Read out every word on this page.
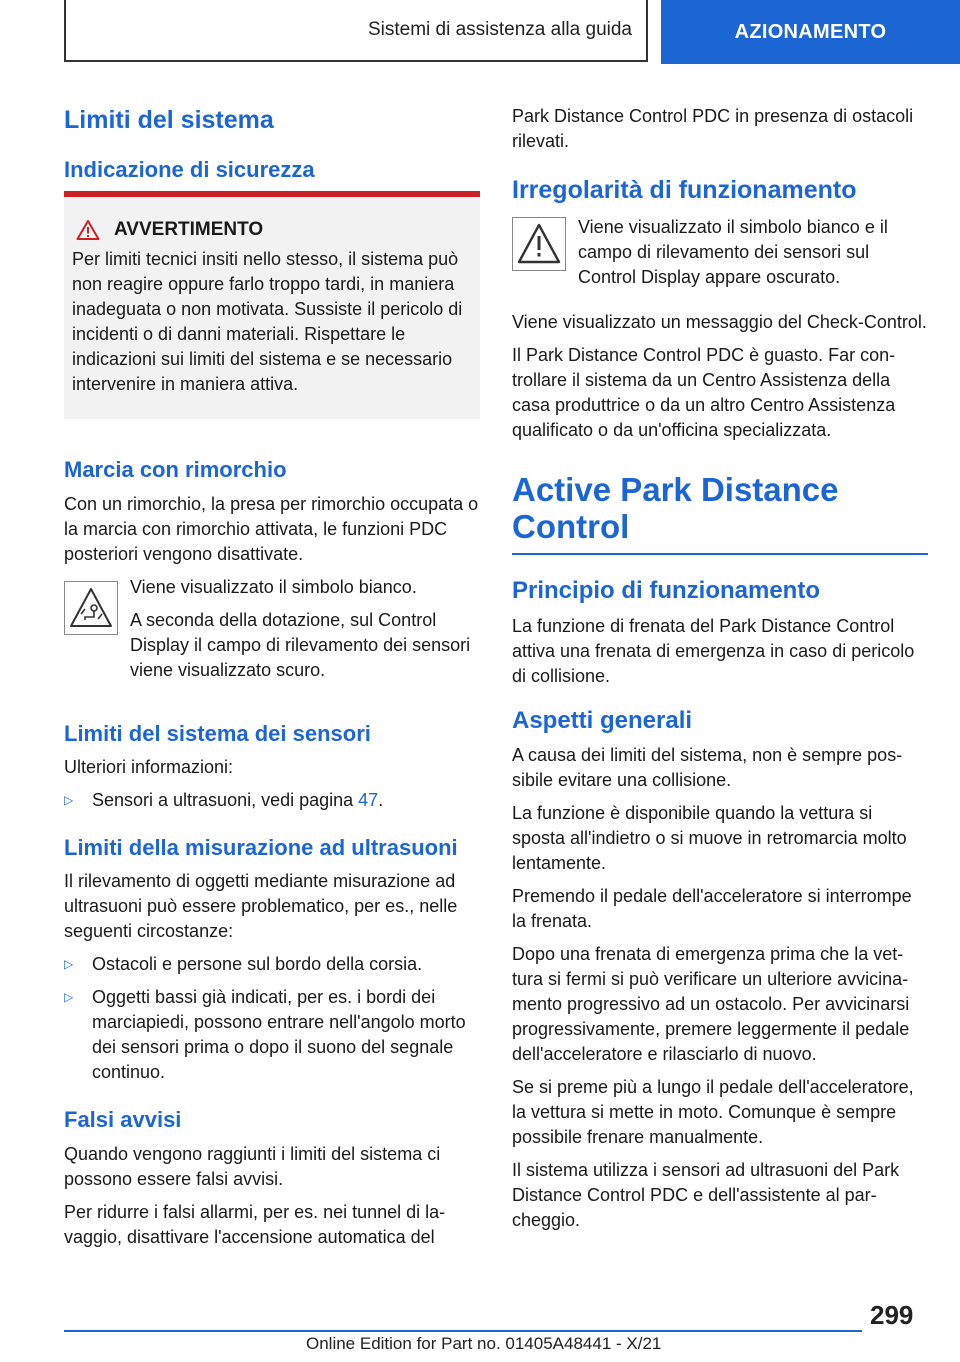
Sistemi di assistenza alla guida	AZIONAMENTO
Limiti del sistema
Indicazione di sicurezza
AVVERTIMENTO
Per limiti tecnici insiti nello stesso, il sistema può non reagire oppure farlo troppo tardi, in maniera inadeguata o non motivata. Sussiste il pericolo di incidenti o di danni materiali. Rispettare le indicazioni sui limiti del sistema e se necessario intervenire in maniera attiva.
Marcia con rimorchio
Con un rimorchio, la presa per rimorchio occupata o la marcia con rimorchio attivata, le funzioni PDC posteriori vengono disattivate.
Viene visualizzato il simbolo bianco.
A seconda della dotazione, sul Control Display il campo di rilevamento dei sensori viene visualizzato scuro.
Limiti del sistema dei sensori
Ulteriori informazioni:
▷	Sensori a ultrasuoni, vedi pagina 47.
Limiti della misurazione ad ultrasuoni
Il rilevamento di oggetti mediante misurazione ad ultrasuoni può essere problematico, per es., nelle seguenti circostanze:
▷	Ostacoli e persone sul bordo della corsia.
▷	Oggetti bassi già indicati, per es. i bordi dei marciapiedi, possono entrare nell'angolo morto dei sensori prima o dopo il suono del segnale continuo.
Falsi avvisi
Quando vengono raggiunti i limiti del sistema ci possono essere falsi avvisi.
Per ridurre i falsi allarmi, per es. nei tunnel di lavaggio, disattivare l'accensione automatica del
Park Distance Control PDC in presenza di ostacoli rilevati.
Irregolarità di funzionamento
Viene visualizzato il simbolo bianco e il campo di rilevamento dei sensori sul Control Display appare oscurato.
Viene visualizzato un messaggio del Check-Control.
Il Park Distance Control PDC è guasto. Far controllare il sistema da un Centro Assistenza della casa produttrice o da un altro Centro Assistenza qualificato o da un'officina specializzata.
Active Park Distance Control
Principio di funzionamento
La funzione di frenata del Park Distance Control attiva una frenata di emergenza in caso di pericolo di collisione.
Aspetti generali
A causa dei limiti del sistema, non è sempre possibile evitare una collisione.
La funzione è disponibile quando la vettura si sposta all'indietro o si muove in retromarcia molto lentamente.
Premendo il pedale dell'acceleratore si interrompe la frenata.
Dopo una frenata di emergenza prima che la vettura si fermi si può verificare un ulteriore avvicinamento progressivo ad un ostacolo. Per avvicinarsi progressivamente, premere leggermente il pedale dell'acceleratore e rilasciarlo di nuovo.
Se si preme più a lungo il pedale dell'acceleratore, la vettura si mette in moto. Comunque è sempre possibile frenare manualmente.
Il sistema utilizza i sensori ad ultrasuoni del Park Distance Control PDC e dell'assistente al parcheggio.
299
Online Edition for Part no. 01405A48441 - X/21
